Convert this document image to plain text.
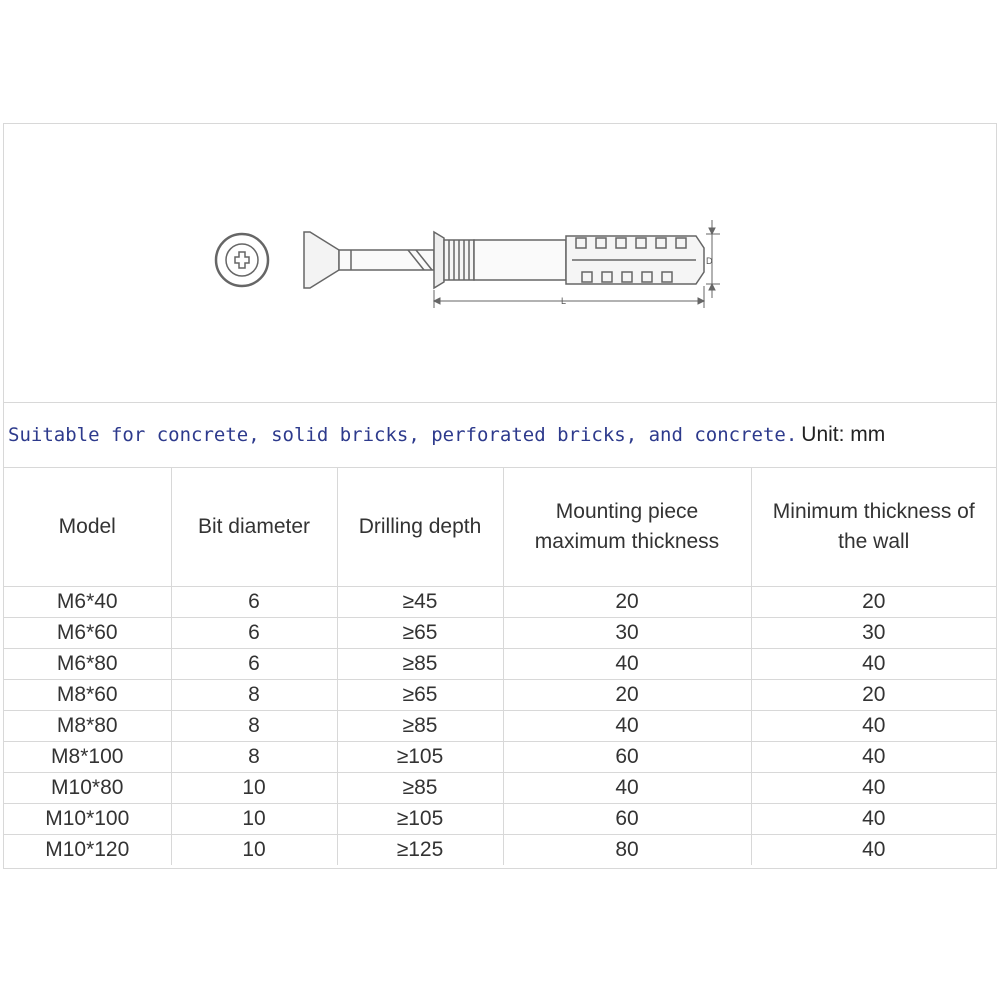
D
L
Suitable for concrete, solid bricks, perforated bricks, and concrete. Unit: mm
Model	Bit diameter	Drilling depth	Mounting piece maximum thickness	Minimum thickness of the wall
M6*40	6	≥45	20	20
M6*60	6	≥65	30	30
M6*80	6	≥85	40	40
M8*60	8	≥65	20	20
M8*80	8	≥85	40	40
M8*100	8	≥105	60	40
M10*80	10	≥85	40	40
M10*100	10	≥105	60	40
M10*120	10	≥125	80	40
